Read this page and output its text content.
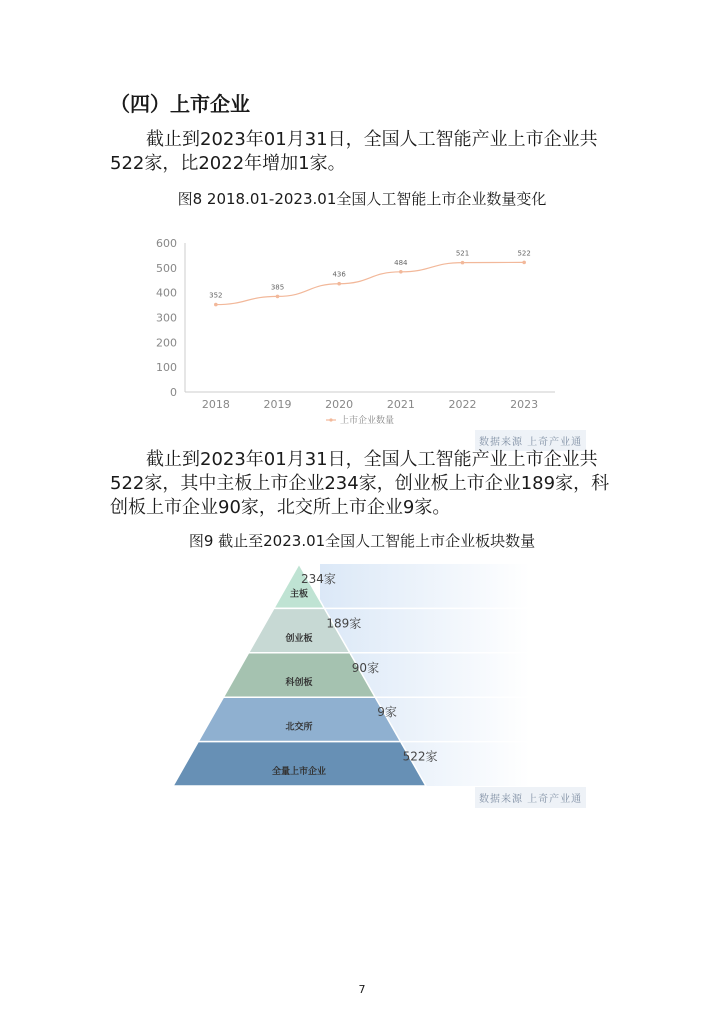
（四）上市企业

截止到2023年01月31日，全国人工智能产业上市企业共522家，比2022年增加1家。

图8 2018.01-2023.01全国人工智能上市企业数量变化
0
100
200
300
400
500
600
2018	2019	2020	2021	2022	2023
352
385
436
484
521	522
上市企业数量
数据来源 上奇产业通

截止到2023年01月31日，全国人工智能产业上市企业共522家，其中主板上市企业234家，创业板上市企业189家，科创板上市企业90家，北交所上市企业9家。

图9 截止至2023.01全国人工智能上市企业板块数量
主板
234家
创业板
189家
科创板
90家
北交所
9家
全量上市企业
522家
数据来源 上奇产业通
7
